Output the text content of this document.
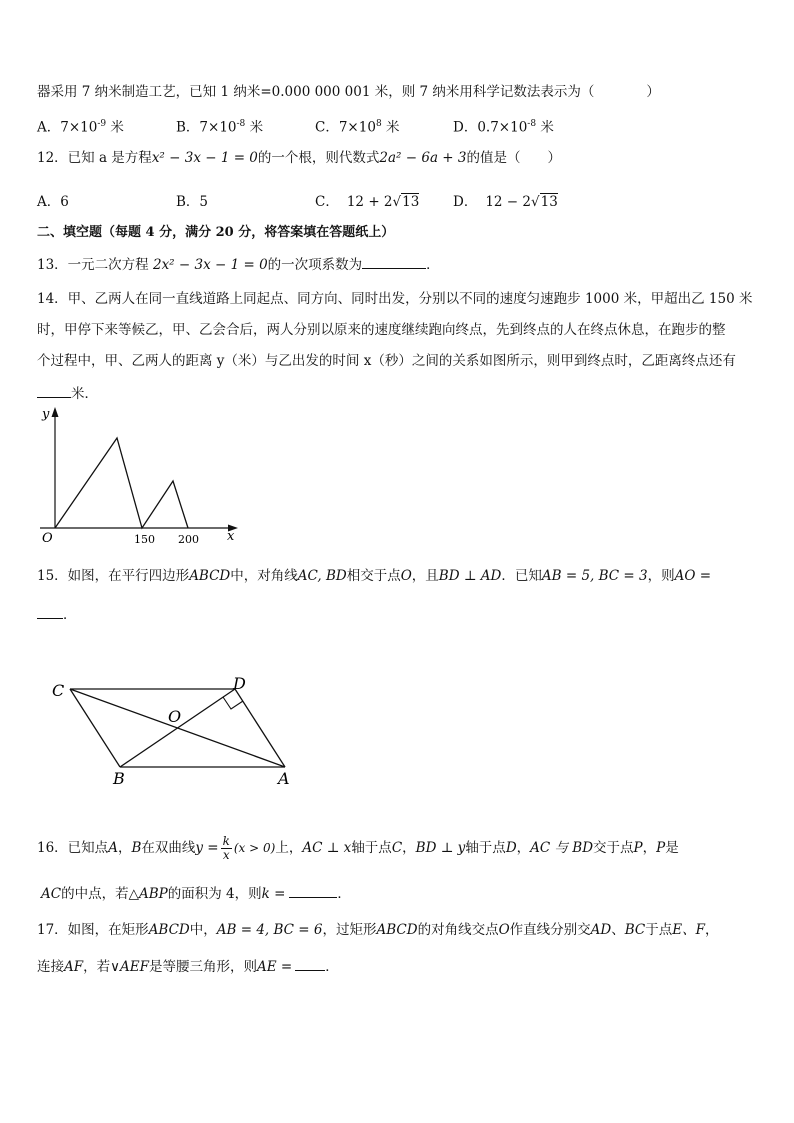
器采用 7 纳米制造工艺，已知 1 纳米=0.000 000 001 米，则 7 纳米用科学记数法表示为（	）
A．$7\times 10^{-9}$ 米	B．$7\times 10^{-8}$ 米	C．$7\times 10^8$ 米	D．$0.7\times 10^{-8}$ 米
12．已知 a 是方程x² − 3x − 1 = 0的一个根，则代数式2a² − 6a + 3的值是（　　）
A．6	B．5	C． 12 + 2√13 D． 12 − 2√13
二、填空题（每题 4 分，满分 20 分，将答案填在答题纸上）
13．一元二次方程 2x² − 3x − 1 = 0的一次项系数为	．
14．甲、乙两人在同一直线道路上同起点、同方向、同时出发，分别以不同的速度匀速跑步 1000 米，甲超出乙 150 米
时，甲停下来等候乙，甲、乙会合后，两人分别以原来的速度继续跑向终点，先到终点的人在终点休息，在跑步的整
个过程中，甲、乙两人的距离 y（米）与乙出发的时间 x（秒）之间的关系如图所示，则甲到终点时，乙距离终点还有
米．
y
x
O	150 200
15．如图，在平行四边形ABCD中，对角线AC, BD相交于点O，且BD ⊥ AD．已知AB = 5, BC = 3，则AO =
．
C	D
O
B	A
16．已知点A，B在双曲线$y = \frac{k}{x} (x > 0)$上，AC ⊥ x轴于点C，BD ⊥ y轴于点D，AC 与 BD交于点P，P是
AC的中点，若△ABP的面积为 4，则k =	．
17．如图，在矩形ABCD中，AB = 4, BC = 6，过矩形ABCD的对角线交点O作直线分别交AD、BC于点E、F，
连接AF，若∨AEF是等腰三角形，则AE = ．
